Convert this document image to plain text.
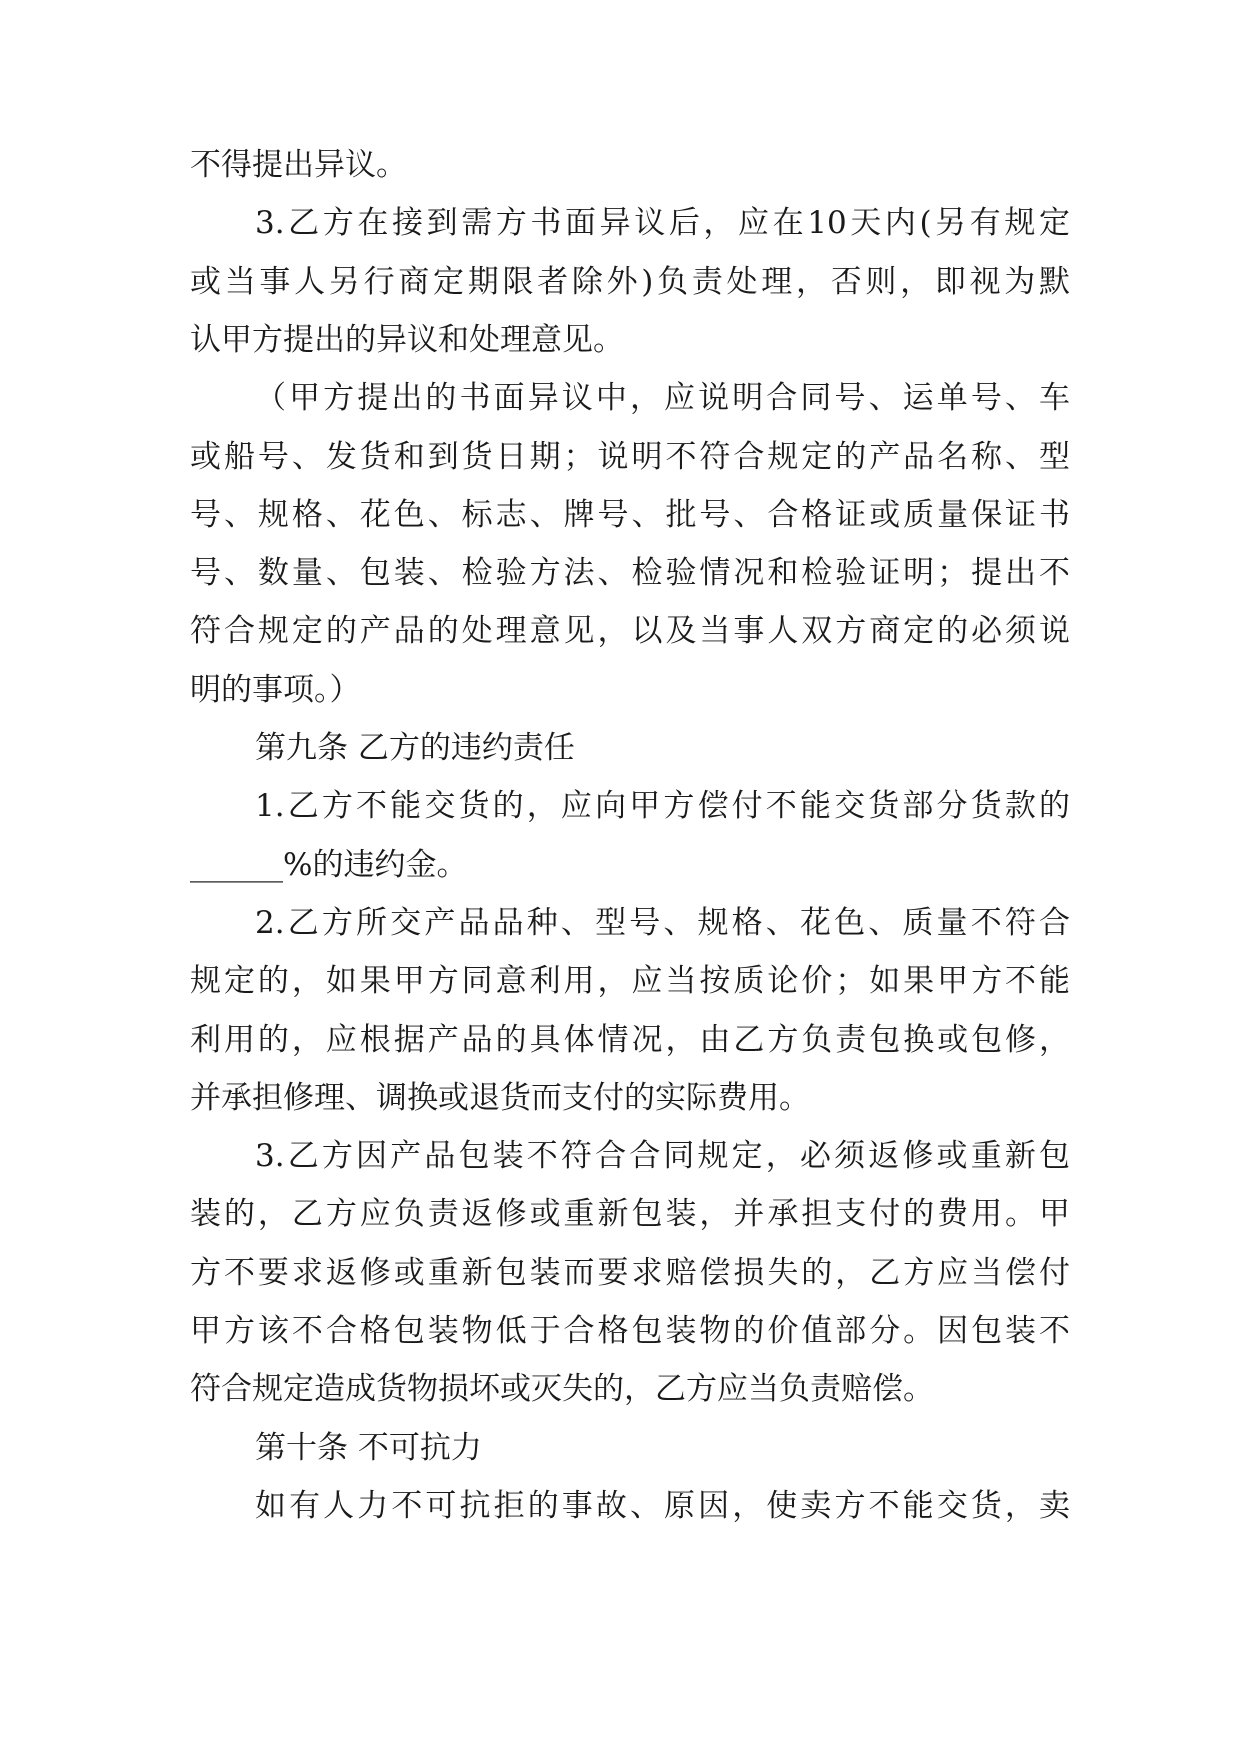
不得提出异议。
3.乙方在接到需方书面异议后，应在10天内(另有规定
或当事人另行商定期限者除外)负责处理，否则，即视为默
认甲方提出的异议和处理意见。
（甲方提出的书面异议中，应说明合同号、运单号、车
或船号、发货和到货日期；说明不符合规定的产品名称、型
号、规格、花色、标志、牌号、批号、合格证或质量保证书
号、数量、包装、检验方法、检验情况和检验证明；提出不
符合规定的产品的处理意见，以及当事人双方商定的必须说
明的事项。）
第九条 乙方的违约责任
1.乙方不能交货的，应向甲方偿付不能交货部分货款的
______%的违约金。
2.乙方所交产品品种、型号、规格、花色、质量不符合
规定的，如果甲方同意利用，应当按质论价；如果甲方不能
利用的，应根据产品的具体情况，由乙方负责包换或包修，
并承担修理、调换或退货而支付的实际费用。
3.乙方因产品包装不符合合同规定，必须返修或重新包
装的，乙方应负责返修或重新包装，并承担支付的费用。甲
方不要求返修或重新包装而要求赔偿损失的，乙方应当偿付
甲方该不合格包装物低于合格包装物的价值部分。因包装不
符合规定造成货物损坏或灭失的，乙方应当负责赔偿。
第十条 不可抗力
如有人力不可抗拒的事故、原因，使卖方不能交货，卖
